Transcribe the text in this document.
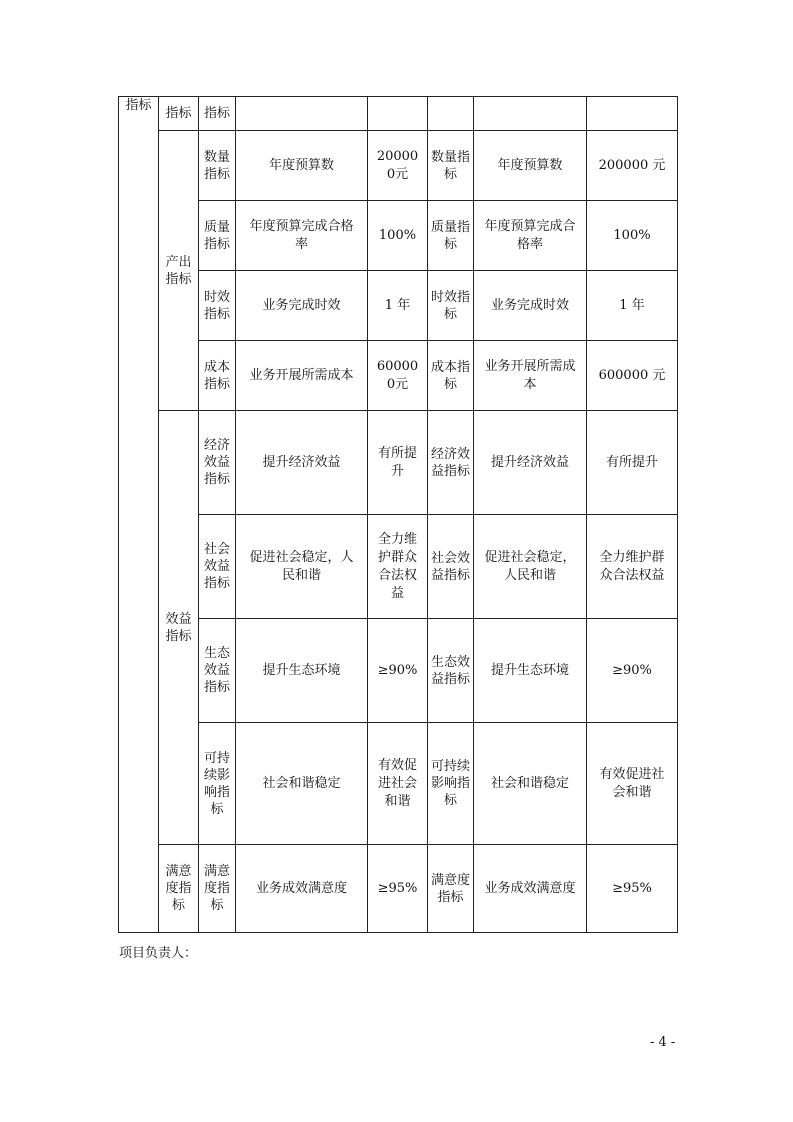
指标	指标	指标					
	产出指标	数量指标	年度预算数	200000元	数量指标	年度预算数	200000 元
		质量指标	年度预算完成合格率	100%	质量指标	年度预算完成合格率	100%
		时效指标	业务完成时效	1 年	时效指标	业务完成时效	1 年
		成本指标	业务开展所需成本	600000元	成本指标	业务开展所需成本	600000 元
	效益指标	经济效益指标	提升经济效益	有所提升	经济效益指标	提升经济效益	有所提升
		社会效益指标	促进社会稳定，人民和谐	全力维护群众合法权益	社会效益指标	促进社会稳定，人民和谐	全力维护群众合法权益
		生态效益指标	提升生态环境	≥90%	生态效益指标	提升生态环境	≥90%
		可持续影响指标	社会和谐稳定	有效促进社会和谐	可持续影响指标	社会和谐稳定	有效促进社会和谐
	满意度指标	满意度指标	业务成效满意度	≥95%	满意度指标	业务成效满意度	≥95%
项目负责人：
- 4 -
